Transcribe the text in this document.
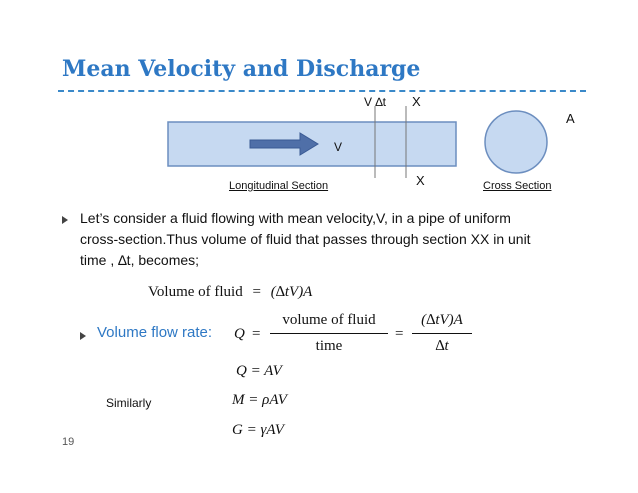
Mean Velocity and Discharge
V ∆t X
V
A
X
Longitudinal Section	Cross Section
Let’s consider a fluid flowing with mean velocity,V, in a pipe of uniform
cross-section.Thus volume of fluid that passes through section XX in unit
time , ∆t, becomes;
Volume of fluid = (∆tV)A
Volume flow rate: Q =
volume of fluid
time
=
(∆tV)A
∆t
Q = AV
Similarly	M = ρAV
G = γAV
19
